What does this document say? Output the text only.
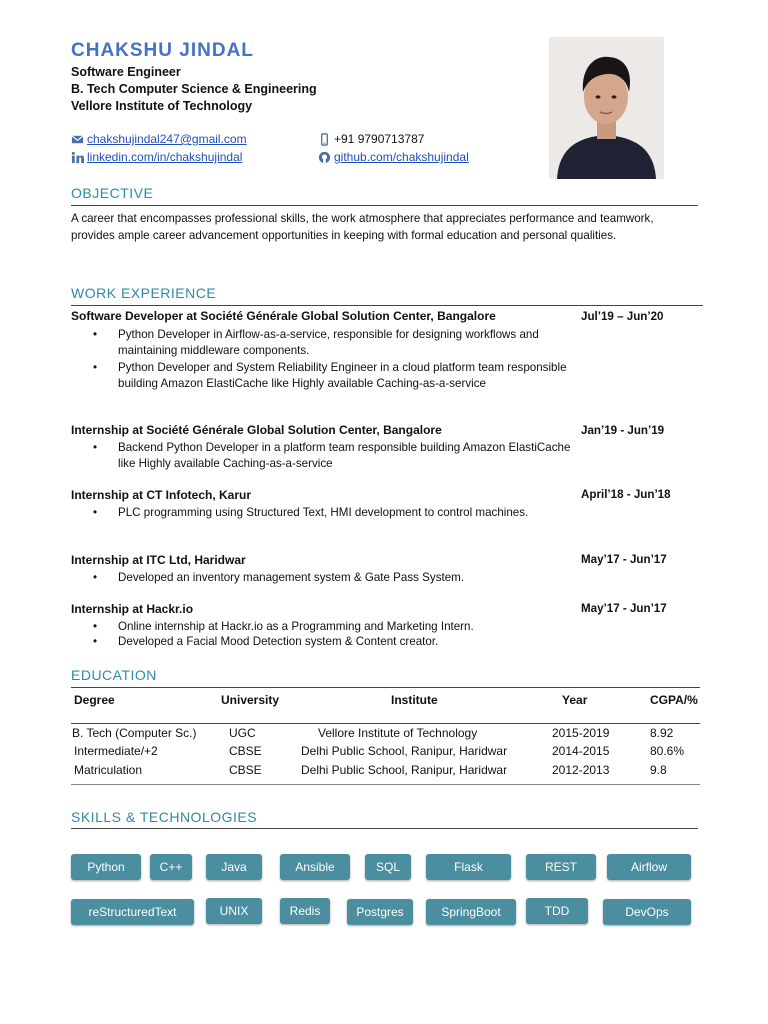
CHAKSHU JINDAL
Software Engineer
B. Tech Computer Science & Engineering
Vellore Institute of Technology
chakshujindal247@gmail.com	+91 9790713787
linkedin.com/in/chakshujindal	github.com/chakshujindal
OBJECTIVE
A career that encompasses professional skills, the work atmosphere that appreciates performance and teamwork, provides ample career advancement opportunities in keeping with formal education and personal qualities.
WORK EXPERIENCE
Software Developer at Société Générale Global Solution Center, Bangalore	Jul’19 – Jun’20
• Python Developer in Airflow-as-a-service, responsible for designing workflows and maintaining middleware components.
• Python Developer and System Reliability Engineer in a cloud platform team responsible building Amazon ElastiCache like Highly available Caching-as-a-service
Internship at Société Générale Global Solution Center, Bangalore	Jan’19 - Jun’19
• Backend Python Developer in a platform team responsible building Amazon ElastiCache like Highly available Caching-as-a-service
Internship at CT Infotech, Karur	April’18 - Jun’18
• PLC programming using Structured Text, HMI development to control machines.
Internship at ITC Ltd, Haridwar	May’17 - Jun’17
• Developed an inventory management system & Gate Pass System.
Internship at Hackr.io	May’17 - Jun’17
• Online internship at Hackr.io as a Programming and Marketing Intern.
• Developed a Facial Mood Detection system & Content creator.
EDUCATION
Degree	University	Institute	Year	CGPA/%
B. Tech (Computer Sc.)	UGC	Vellore Institute of Technology	2015-2019	8.92
Intermediate/+2	CBSE	Delhi Public School, Ranipur, Haridwar	2014-2015	80.6%
Matriculation	CBSE	Delhi Public School, Ranipur, Haridwar	2012-2013	9.8
SKILLS & TECHNOLOGIES
Python	C++	Java	Ansible	SQL	Flask	REST	Airflow
reStructuredText	UNIX	Redis	Postgres	SpringBoot	TDD	DevOps
